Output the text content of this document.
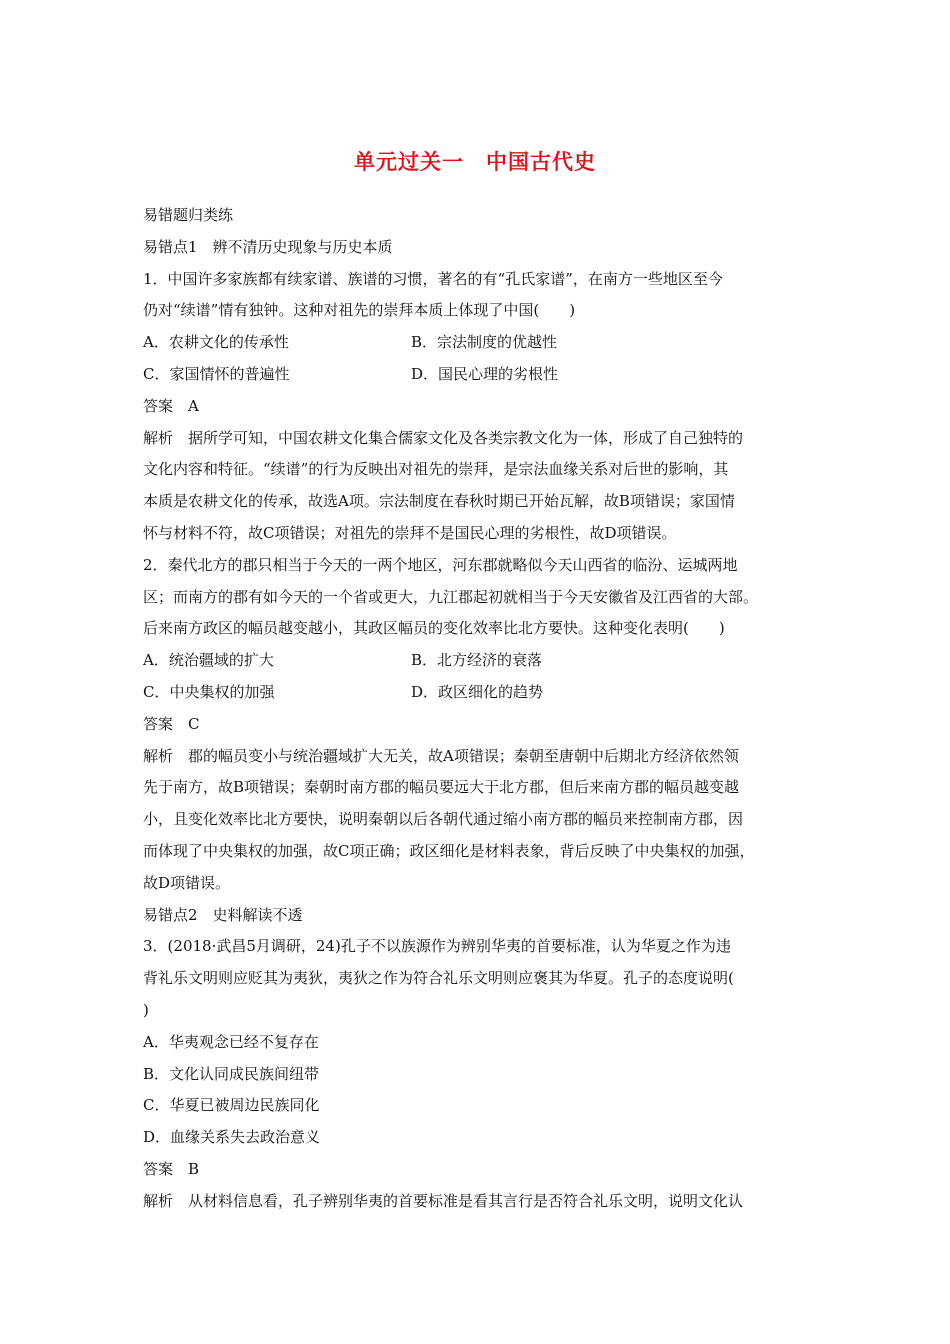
单元过关一　中国古代史
易错题归类练
易错点1　辨不清历史现象与历史本质
1．中国许多家族都有续家谱、族谱的习惯，著名的有“孔氏家谱”，在南方一些地区至今
仍对“续谱”情有独钟。这种对祖先的崇拜本质上体现了中国(　　)
A．农耕文化的传承性	B．宗法制度的优越性
C．家国情怀的普遍性	D．国民心理的劣根性
答案　A
解析　据所学可知，中国农耕文化集合儒家文化及各类宗教文化为一体，形成了自己独特的
文化内容和特征。“续谱”的行为反映出对祖先的崇拜，是宗法血缘关系对后世的影响，其
本质是农耕文化的传承，故选A项。宗法制度在春秋时期已开始瓦解，故B项错误；家国情
怀与材料不符，故C项错误；对祖先的崇拜不是国民心理的劣根性，故D项错误。
2．秦代北方的郡只相当于今天的一两个地区，河东郡就略似今天山西省的临汾、运城两地
区；而南方的郡有如今天的一个省或更大，九江郡起初就相当于今天安徽省及江西省的大部。
后来南方政区的幅员越变越小，其政区幅员的变化效率比北方要快。这种变化表明(　　)
A．统治疆域的扩大	B．北方经济的衰落
C．中央集权的加强	D．政区细化的趋势
答案　C
解析　郡的幅员变小与统治疆域扩大无关，故A项错误；秦朝至唐朝中后期北方经济依然领
先于南方，故B项错误；秦朝时南方郡的幅员要远大于北方郡，但后来南方郡的幅员越变越
小，且变化效率比北方要快，说明秦朝以后各朝代通过缩小南方郡的幅员来控制南方郡，因
而体现了中央集权的加强，故C项正确；政区细化是材料表象，背后反映了中央集权的加强，
故D项错误。
易错点2　史料解读不透
3．(2018·武昌5月调研，24)孔子不以族源作为辨别华夷的首要标准，认为华夏之作为违
背礼乐文明则应贬其为夷狄，夷狄之作为符合礼乐文明则应褒其为华夏。孔子的态度说明(
)
A．华夷观念已经不复存在
B．文化认同成民族间纽带
C．华夏已被周边民族同化
D．血缘关系失去政治意义
答案　B
解析　从材料信息看，孔子辨别华夷的首要标准是看其言行是否符合礼乐文明，说明文化认
